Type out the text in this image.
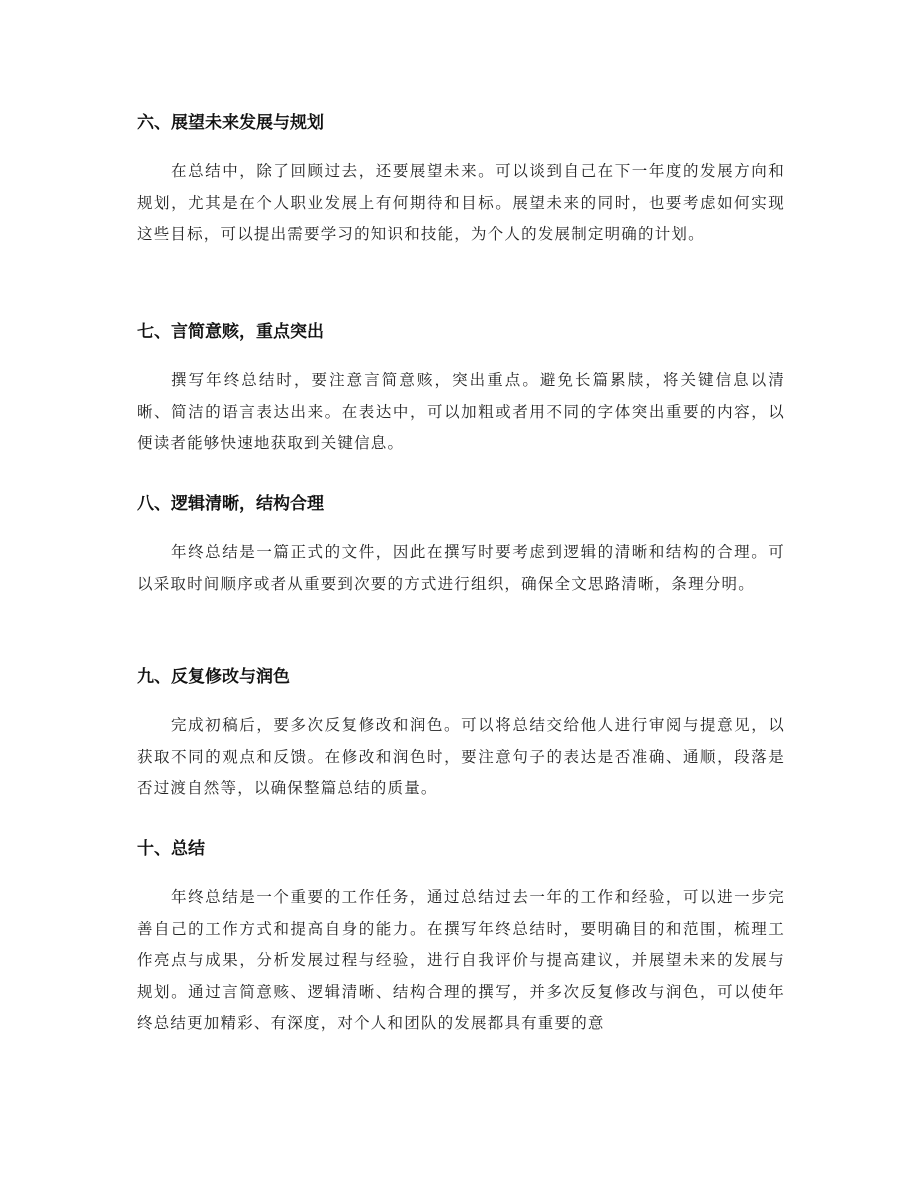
六、展望未来发展与规划

在总结中，除了回顾过去，还要展望未来。可以谈到自己在下一年度的发展方向和规划，尤其是在个人职业发展上有何期待和目标。展望未来的同时，也要考虑如何实现这些目标，可以提出需要学习的知识和技能，为个人的发展制定明确的计划。

七、言简意赅，重点突出

撰写年终总结时，要注意言简意赅，突出重点。避免长篇累牍，将关键信息以清晰、简洁的语言表达出来。在表达中，可以加粗或者用不同的字体突出重要的内容，以便读者能够快速地获取到关键信息。

八、逻辑清晰，结构合理

年终总结是一篇正式的文件，因此在撰写时要考虑到逻辑的清晰和结构的合理。可以采取时间顺序或者从重要到次要的方式进行组织，确保全文思路清晰，条理分明。

九、反复修改与润色

完成初稿后，要多次反复修改和润色。可以将总结交给他人进行审阅与提意见，以获取不同的观点和反馈。在修改和润色时，要注意句子的表达是否准确、通顺，段落是否过渡自然等，以确保整篇总结的质量。

十、总结

年终总结是一个重要的工作任务，通过总结过去一年的工作和经验，可以进一步完善自己的工作方式和提高自身的能力。在撰写年终总结时，要明确目的和范围，梳理工作亮点与成果，分析发展过程与经验，进行自我评价与提高建议，并展望未来的发展与规划。通过言简意赅、逻辑清晰、结构合理的撰写，并多次反复修改与润色，可以使年终总结更加精彩、有深度，对个人和团队的发展都具有重要的意
